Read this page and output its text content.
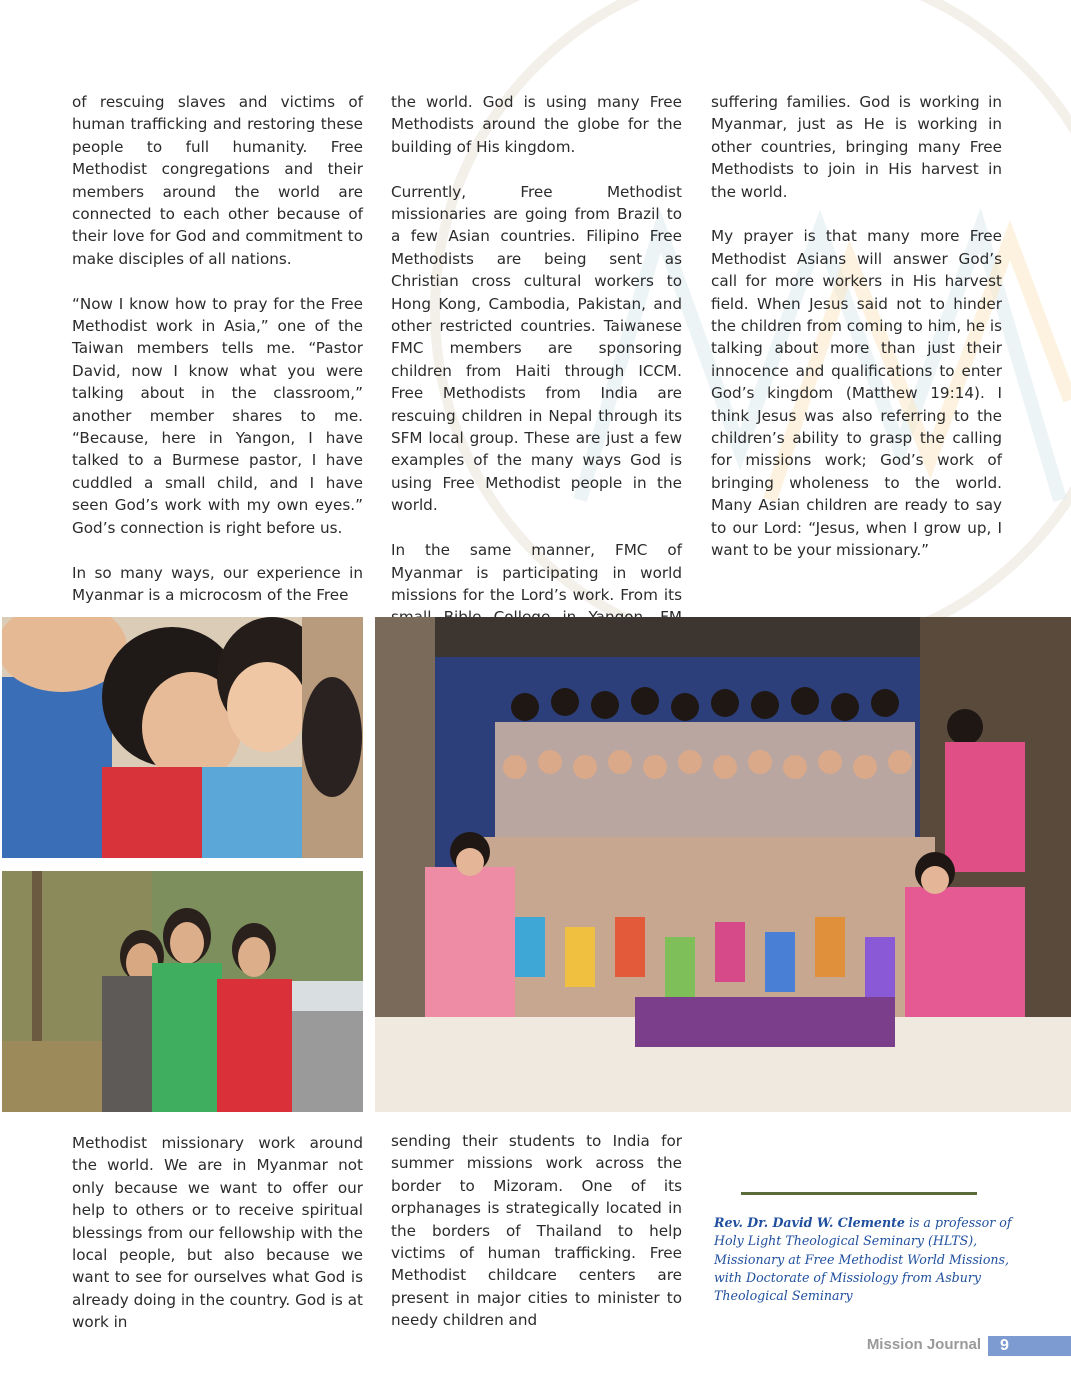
of rescuing slaves and victims of human trafficking and restoring these people to full humanity. Free Methodist congregations and their members around the world are connected to each other because of their love for God and commitment to make disciples of all nations.

“Now I know how to pray for the Free Methodist work in Asia,” one of the Taiwan members tells me. “Pastor David, now I know what you were talking about in the classroom,” another member shares to me. “Because, here in Yangon, I have talked to a Burmese pastor, I have cuddled a small child, and I have seen God’s work with my own eyes.” God’s connection is right before us.

In so many ways, our experience in Myanmar is a microcosm of the Free

the world. God is using many Free Methodists around the globe for the building of His kingdom.

Currently, Free Methodist missionaries are going from Brazil to a few Asian countries. Filipino Free Methodists are being sent as Christian cross cultural workers to Hong Kong, Cambodia, Pakistan, and other restricted countries. Taiwanese FMC members are sponsoring children from Haiti through ICCM. Free Methodists from India are rescuing children in Nepal through its SFM local group. These are just a few examples of the many ways God is using Free Methodist people in the world.

In the same manner, FMC of Myanmar is participating in world missions for the Lord’s work. From its

suffering families. God is working in Myanmar, just as He is working in other countries, bringing many Free Methodists to join in His harvest in the world.

My prayer is that many more Free Methodist Asians will answer God’s call for more workers in His harvest field. When Jesus said not to hinder the children from coming to him, he is talking about more than just their innocence and qualifications to enter God’s kingdom (Matthew 19:14). I think Jesus was also referring to the children’s ability to grasp the calling for missions work; God’s work of bringing wholeness to the world. Many Asian children are ready to say to our Lord: “Jesus, when I grow up, I want to be your missionary.”

Methodist missionary work around the world. We are in Myanmar not only because we want to offer our help to others or to receive spiritual blessings from our fellowship with the local people, but also because we want to see for ourselves what God is already doing in the country. God is at work in

sending their students to India for summer missions work across the border to Mizoram. One of its orphanages is strategically located in the borders of Thailand to help victims of human trafficking. Free Methodist childcare centers are present in major cities to minister to needy children and

Rev. Dr. David W. Clemente is a professor of Holy Light Theological Seminary (HLTS), Missionary at Free Methodist World Missions, with Doctorate of Missiology from Asbury Theological Seminary
Mission Journal	9
